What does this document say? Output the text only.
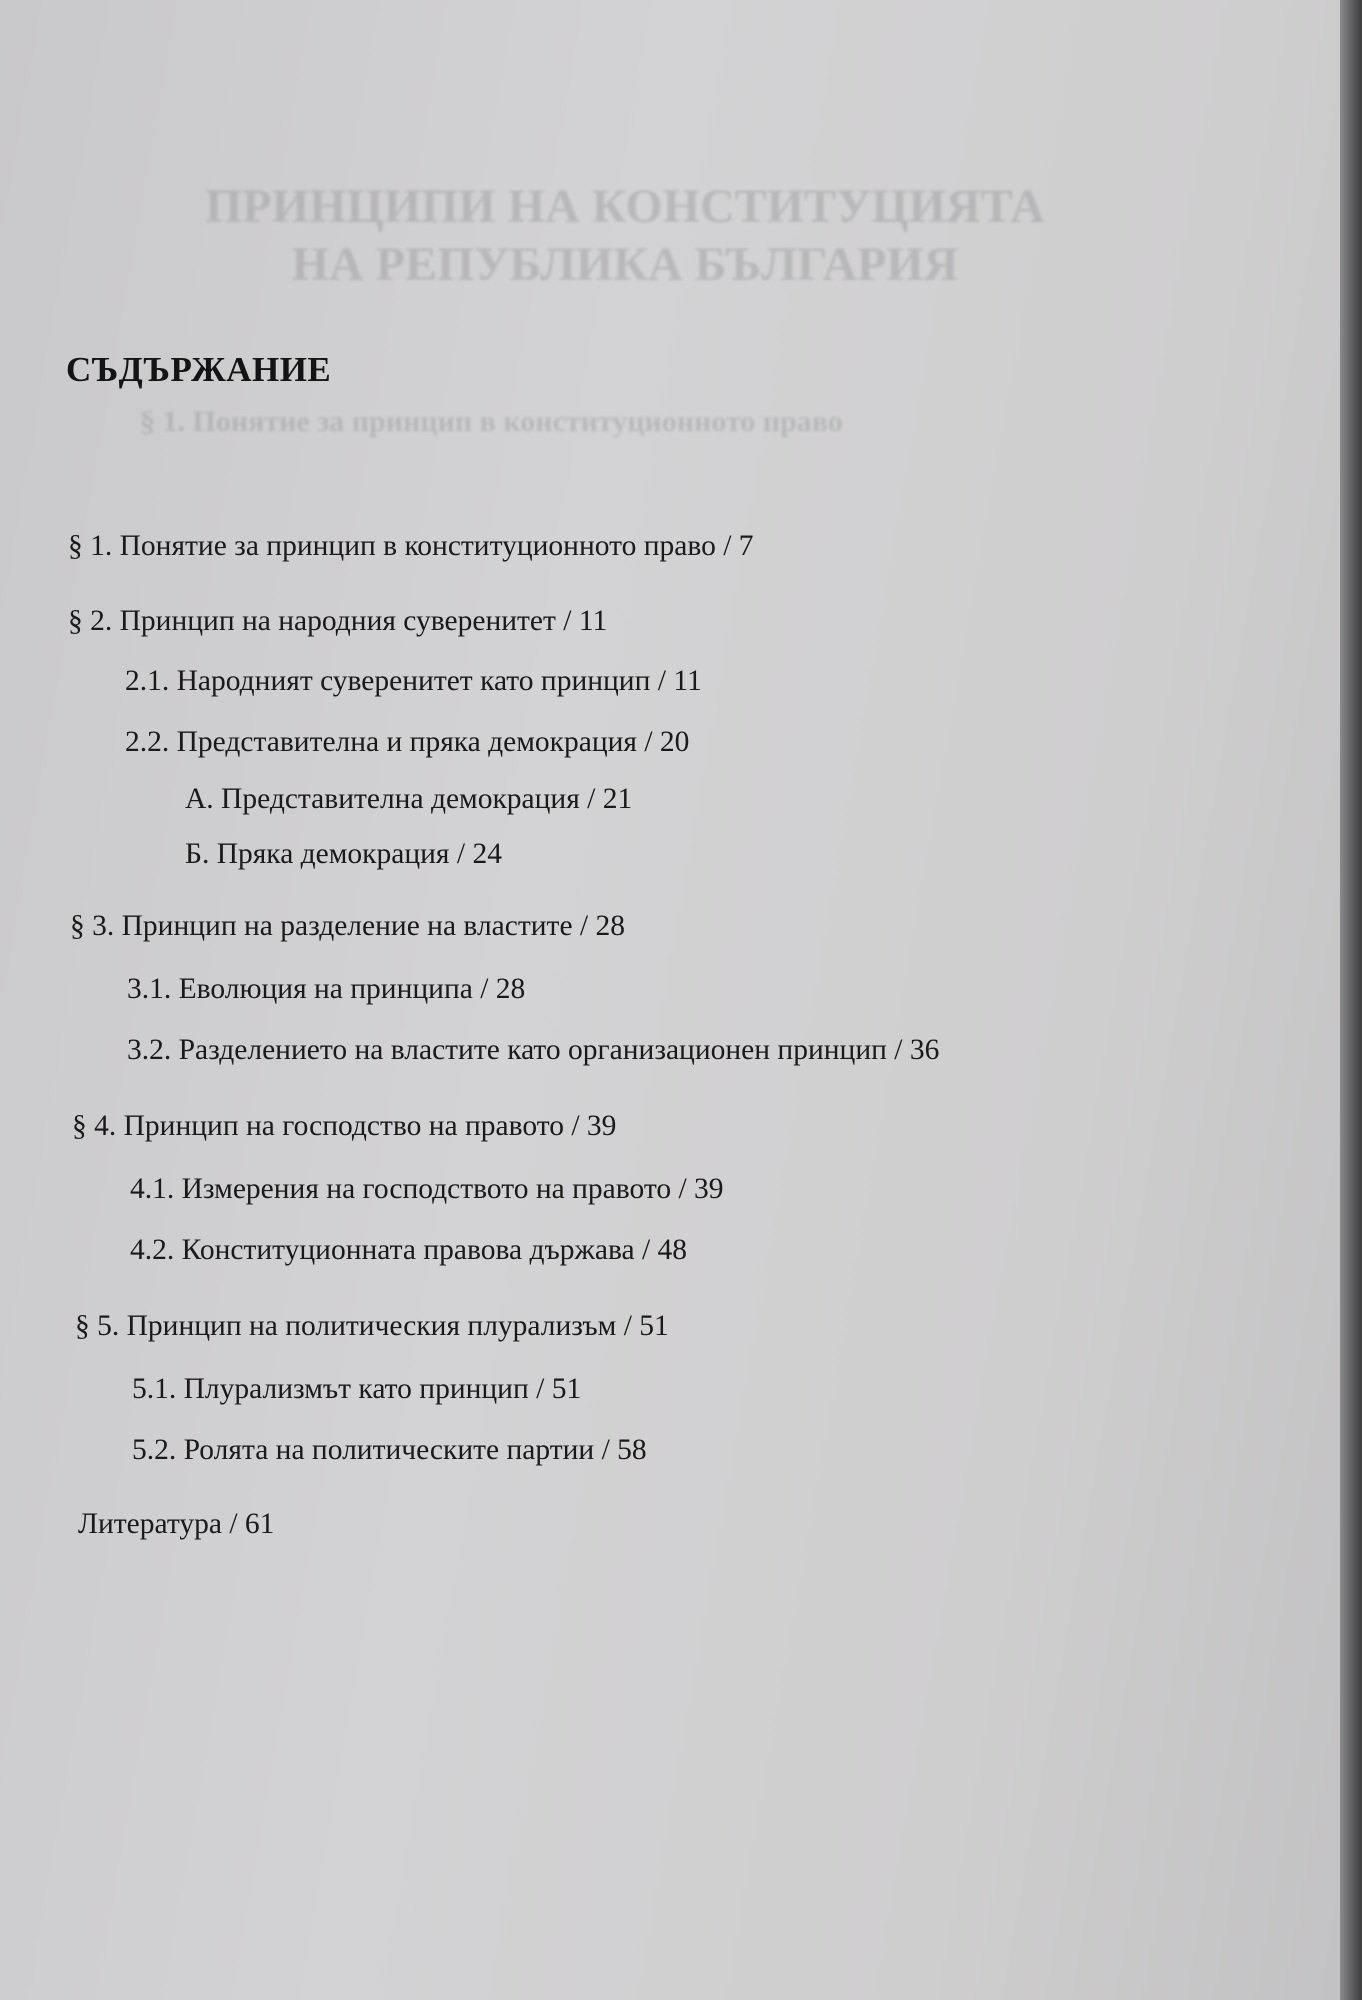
ПРИНЦИПИ НА КОНСТИТУЦИЯТА
НА РЕПУБЛИКА БЪЛГАРИЯ
§ 1. Понятие за принцип в конституционното право
СЪДЪРЖАНИЕ
§ 1. Понятие за принцип в конституционното право / 7
§ 2. Принцип на народния суверенитет / 11
2.1. Народният суверенитет като принцип / 11
2.2. Представителна и пряка демокрация / 20
А. Представителна демокрация / 21
Б. Пряка демокрация / 24
§ 3. Принцип на разделение на властите / 28
3.1. Еволюция на принципа / 28
3.2. Разделението на властите като организационен принцип / 36
§ 4. Принцип на господство на правото / 39
4.1. Измерения на господството на правото / 39
4.2. Конституционната правова държава / 48
§ 5. Принцип на политическия плурализъм / 51
5.1. Плурализмът като принцип / 51
5.2. Ролята на политическите партии / 58
Литература / 61
